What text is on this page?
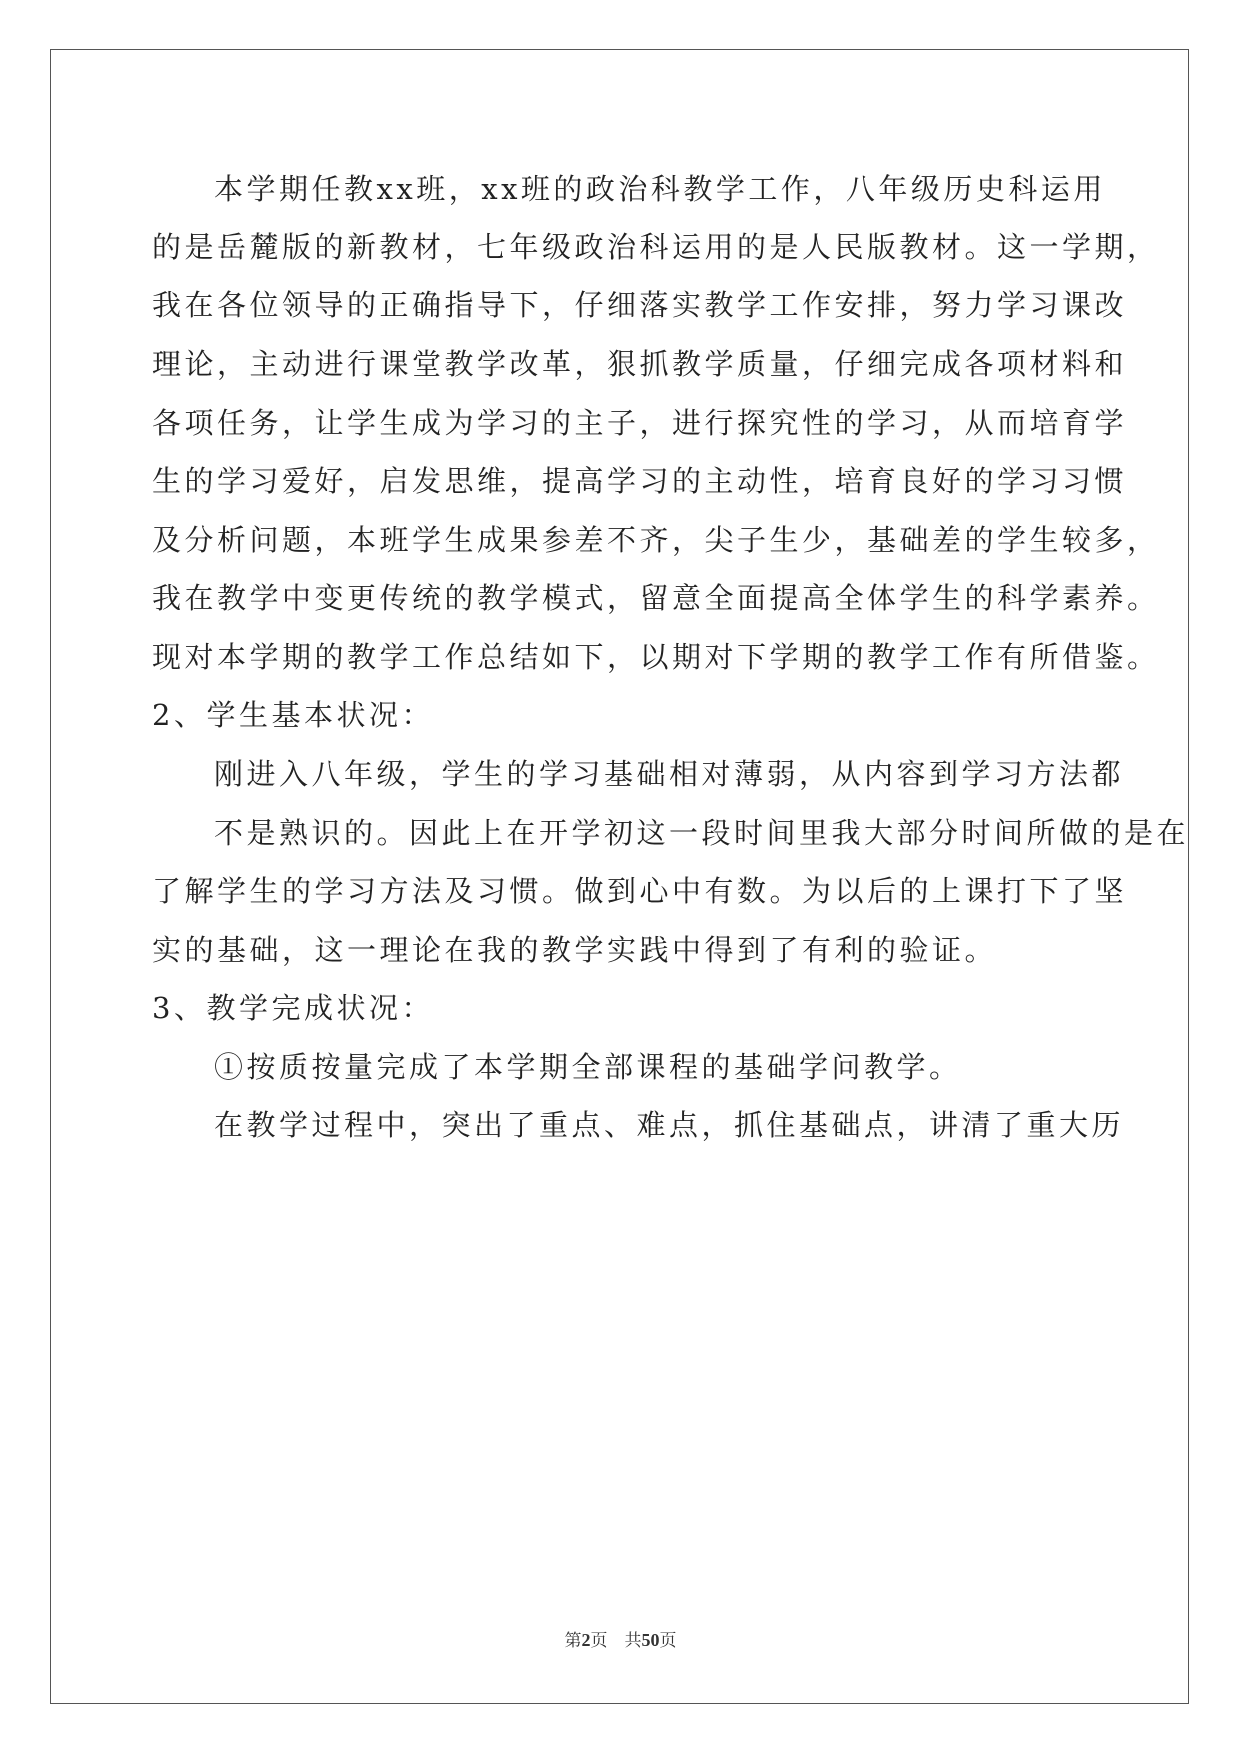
本学期任教xx班，xx班的政治科教学工作，八年级历史科运用
的是岳麓版的新教材，七年级政治科运用的是人民版教材。这一学期，
我在各位领导的正确指导下，仔细落实教学工作安排，努力学习课改
理论，主动进行课堂教学改革，狠抓教学质量，仔细完成各项材料和
各项任务，让学生成为学习的主子，进行探究性的学习，从而培育学
生的学习爱好，启发思维，提高学习的主动性，培育良好的学习习惯
及分析问题，本班学生成果参差不齐，尖子生少，基础差的学生较多，
我在教学中变更传统的教学模式，留意全面提高全体学生的科学素养。
现对本学期的教学工作总结如下，以期对下学期的教学工作有所借鉴。
2、学生基本状况：
刚进入八年级，学生的学习基础相对薄弱，从内容到学习方法都
不是熟识的。因此上在开学初这一段时间里我大部分时间所做的是在
了解学生的学习方法及习惯。做到心中有数。为以后的上课打下了坚
实的基础，这一理论在我的教学实践中得到了有利的验证。
3、教学完成状况：
①按质按量完成了本学期全部课程的基础学问教学。
在教学过程中，突出了重点、难点，抓住基础点，讲清了重大历
第2页 共50页
